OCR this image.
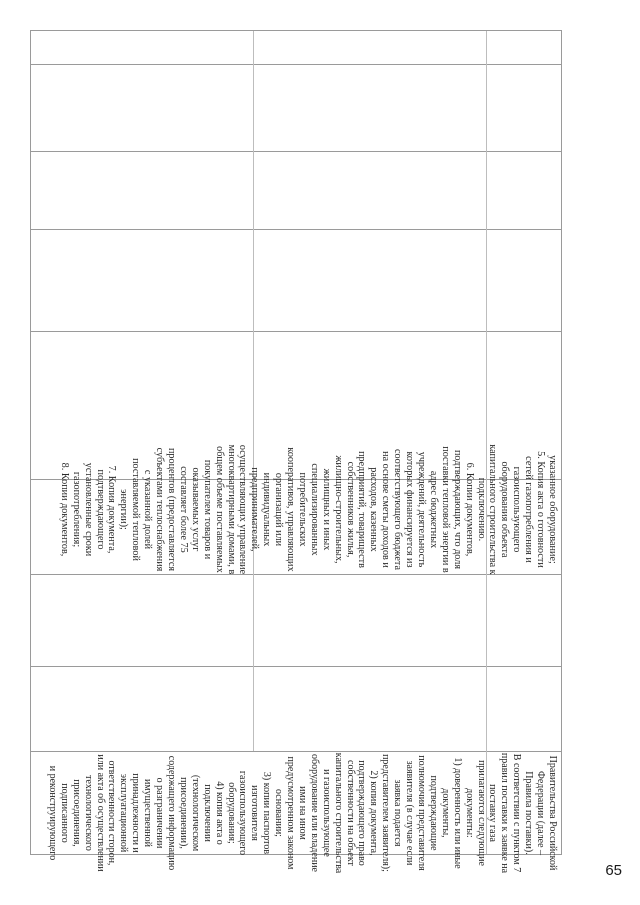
указанное оборудование;

5. Копия акта о готовности

сетей газопотребления и

газоиспользующего

оборудования объекта

капитального строительства к

подключению.

6. Копии документов,

подтверждающих, что доля

поставки тепловой энергии в

адрес бюджетных

учреждений, деятельность

которых финансируется из

соответствующего бюджета

на основе сметы доходов и

расходов, казенных

предприятий, товариществ

собственников жилья,

жилищно-строительных,

жилищных и иных

специализированных

потребительских

кооперативов, управляющих

организаций или

индивидуальных

предпринимателей,

осуществляющих управление

многоквартирными домами, в

общем объеме поставляемых

покупателем товаров и

оказываемых услуг

составляет более 75

процентов (предоставляется

субъектами теплоснабжения

с указанной долей

поставляемой тепловой

энергии);

7. Копия документа,

подтверждающего

установленные сроки

газопотребления;

8. Копии документов,

Правительства Российской

Федерации (далее –

Правила поставки).

В соответствии с пунктом 7

правил поставки к заявке на

поставку газа

прилагаются следующие

документы:

1) доверенность или иные

документы,

подтверждающие

полномочия представителя

заявителя (в случае если

заявка подается

представителем заявителя);

2) копия документа,

подтверждающего право

собственности на объект

капитального строительства

и газоиспользующее

оборудование или владение

ими на ином

предусмотренном законом

основании;

3) копии паспортов

изготовителя

газоиспользующего

оборудования;

4) копия акта о

подключении

(технологическом

присоединении),

содержащего информацию

о разграничении

имущественной

принадлежности и

эксплуатационной

ответственности сторон,

или акта об осуществлении

технологического

присоединения, подписанного

и реконструирующего

65
